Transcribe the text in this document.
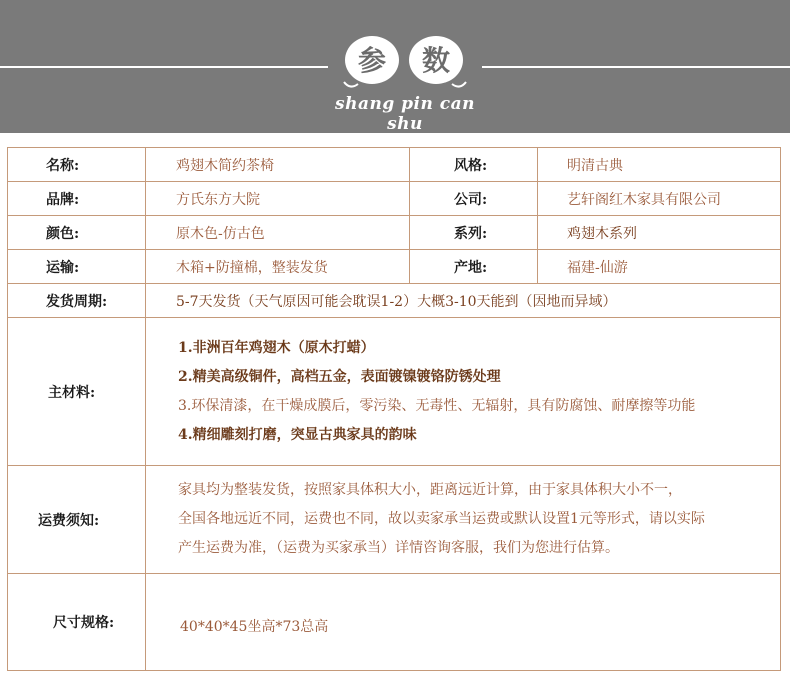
参 数
shang pin can shu
名称:	鸡翅木简约茶椅	风格:	明清古典
品牌:	方氏东方大院	公司:	艺轩阁红木家具有限公司
颜色:	原木色-仿古色	系列:	鸡翅木系列
运输:	木箱+防撞棉，整装发货	产地:	福建-仙游
发货周期:	5-7天发货（天气原因可能会耽误1-2）大概3-10天能到（因地而异域）
主材料:
1.非洲百年鸡翅木（原木打蜡）
2.精美高级铜件，高档五金，表面镀镍镀铬防锈处理
3.环保清漆，在干燥成膜后，零污染、无毒性、无辐射，具有防腐蚀、耐摩擦等功能
4.精细雕刻打磨，突显古典家具的韵味
运费须知:
家具均为整装发货，按照家具体积大小，距离远近计算，由于家具体积大小不一，
全国各地远近不同，运费也不同，故以卖家承当运费或默认设置1元等形式，请以实际
产生运费为准，（运费为买家承当）详情咨询客服，我们为您进行估算。
尺寸规格:	40*40*45坐高*73总高
